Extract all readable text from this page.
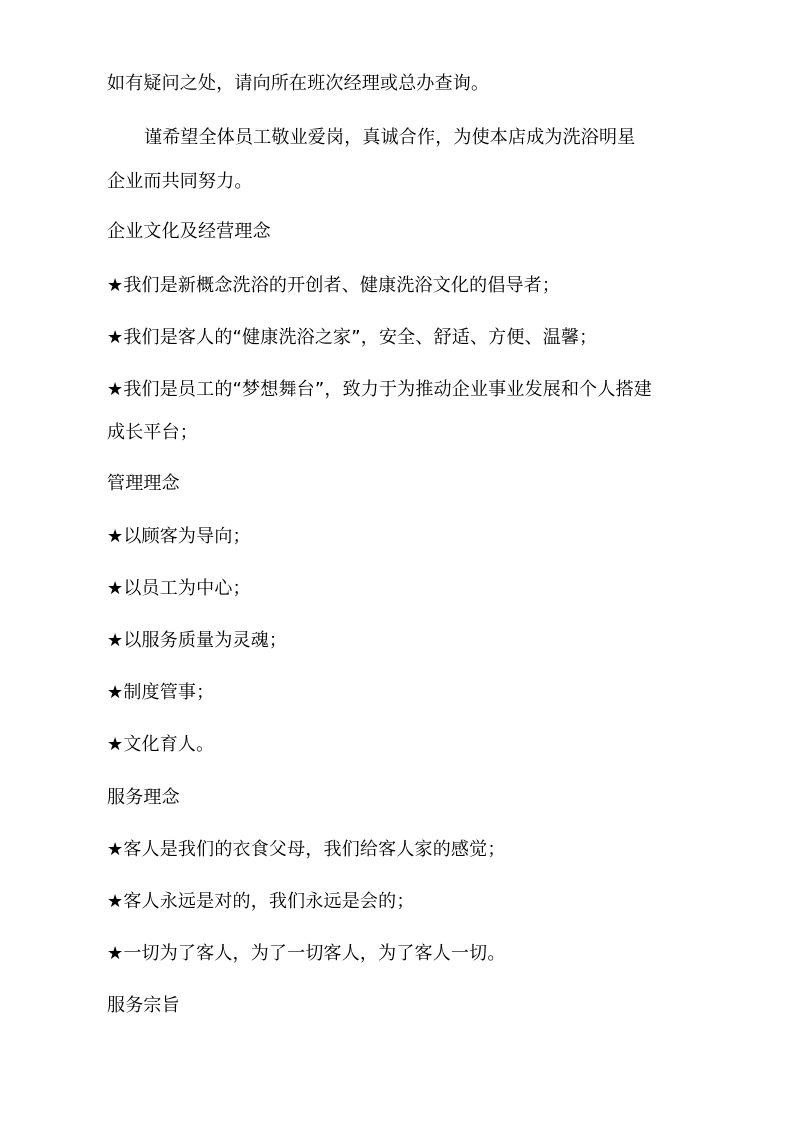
如有疑问之处，请向所在班次经理或总办查询。
谨希望全体员工敬业爱岗，真诚合作，为使本店成为洗浴明星
企业而共同努力。
企业文化及经营理念
★我们是新概念洗浴的开创者、健康洗浴文化的倡导者；
★我们是客人的“健康洗浴之家”，安全、舒适、方便、温馨；
★我们是员工的“梦想舞台”，致力于为推动企业事业发展和个人搭建
成长平台；
管理理念
★以顾客为导向；
★以员工为中心；
★以服务质量为灵魂；
★制度管事；
★文化育人。
服务理念
★客人是我们的衣食父母，我们给客人家的感觉；
★客人永远是对的，我们永远是会的；
★一切为了客人，为了一切客人，为了客人一切。
服务宗旨
